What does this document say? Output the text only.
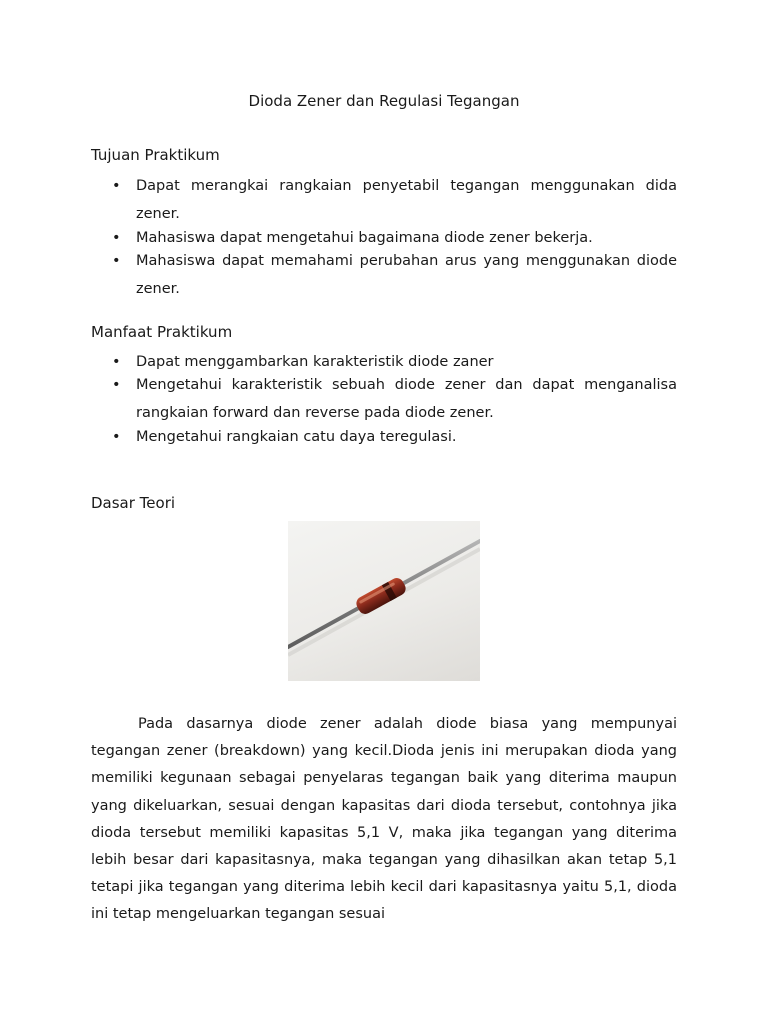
Dioda Zener dan Regulasi Tegangan
Tujuan Praktikum
• Dapat merangkai rangkaian penyetabil tegangan menggunakan dida zener.
• Mahasiswa dapat mengetahui bagaimana diode zener bekerja.
• Mahasiswa dapat memahami perubahan arus yang menggunakan diode zener.
Manfaat Praktikum
• Dapat menggambarkan karakteristik diode zaner
• Mengetahui karakteristik sebuah diode zener dan dapat menganalisa rangkaian forward dan reverse pada diode zener.
• Mengetahui rangkaian catu daya teregulasi.
Dasar Teori

Pada dasarnya diode zener adalah diode biasa yang mempunyai tegangan zener (breakdown) yang kecil.Dioda jenis ini merupakan dioda yang memiliki kegunaan sebagai penyelaras tegangan baik yang diterima maupun yang dikeluarkan, sesuai dengan kapasitas dari dioda tersebut, contohnya jika dioda tersebut memiliki kapasitas 5,1 V, maka jika tegangan yang diterima lebih besar dari kapasitasnya, maka tegangan yang dihasilkan akan tetap 5,1 tetapi jika tegangan yang diterima lebih kecil dari kapasitasnya yaitu 5,1, dioda ini tetap mengeluarkan tegangan sesuai
